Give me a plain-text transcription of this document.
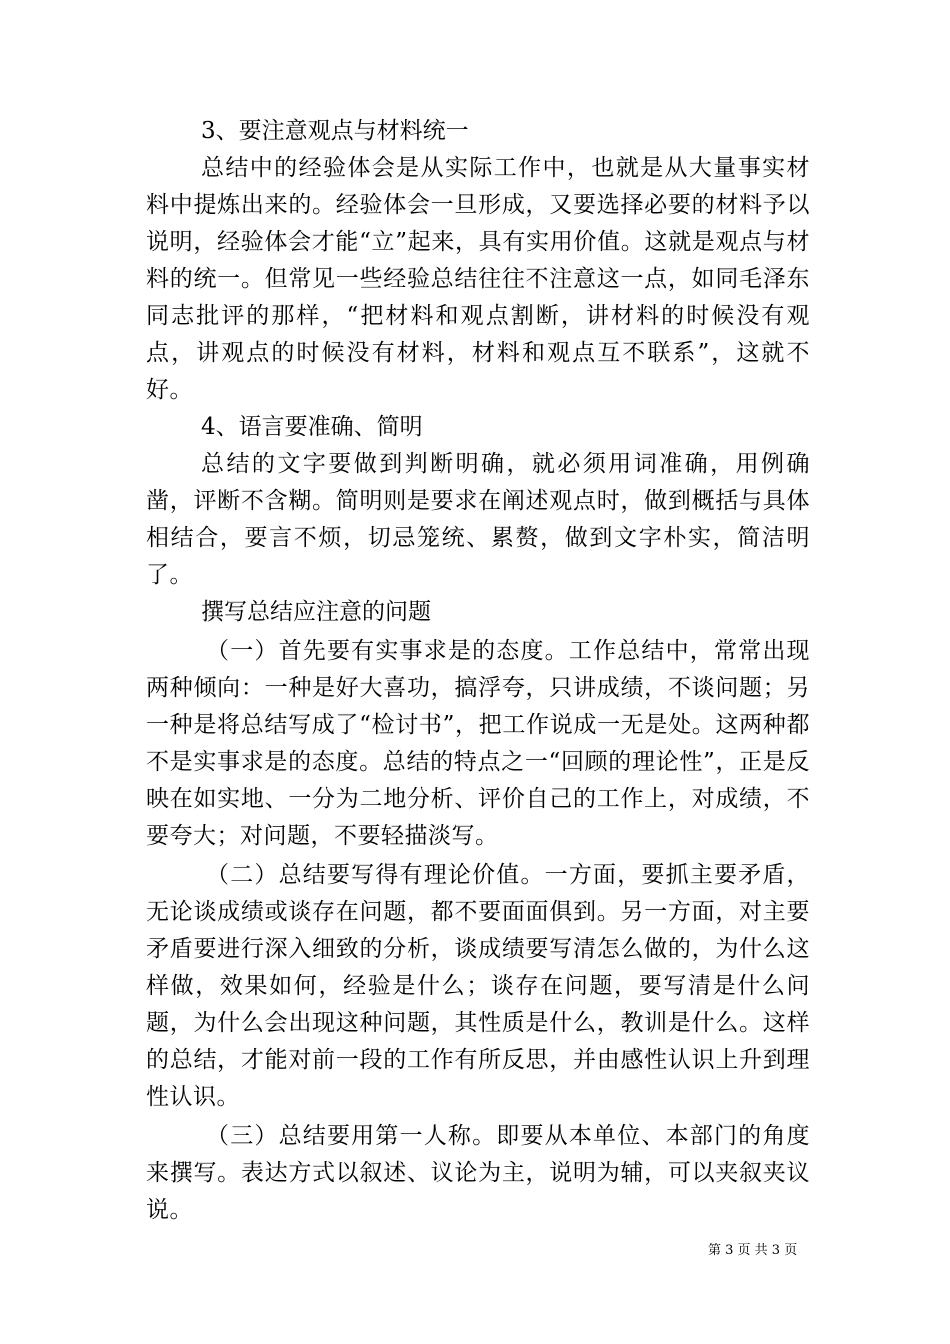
3、要注意观点与材料统一

总结中的经验体会是从实际工作中，也就是从大量事实材料中提炼出来的。经验体会一旦形成，又要选择必要的材料予以说明，经验体会才能“立”起来，具有实用价值。这就是观点与材料的统一。但常见一些经验总结往往不注意这一点，如同毛泽东同志批评的那样，“把材料和观点割断，讲材料的时候没有观点，讲观点的时候没有材料，材料和观点互不联系”，这就不好。

4、语言要准确、简明

总结的文字要做到判断明确，就必须用词准确，用例确凿，评断不含糊。简明则是要求在阐述观点时，做到概括与具体相结合，要言不烦，切忌笼统、累赘，做到文字朴实，简洁明了。

撰写总结应注意的问题

（一）首先要有实事求是的态度。工作总结中，常常出现两种倾向：一种是好大喜功，搞浮夸，只讲成绩，不谈问题；另一种是将总结写成了“检讨书”，把工作说成一无是处。这两种都不是实事求是的态度。总结的特点之一“回顾的理论性”，正是反映在如实地、一分为二地分析、评价自己的工作上，对成绩，不要夸大；对问题，不要轻描淡写。

（二）总结要写得有理论价值。一方面，要抓主要矛盾，无论谈成绩或谈存在问题，都不要面面俱到。另一方面，对主要矛盾要进行深入细致的分析，谈成绩要写清怎么做的，为什么这样做，效果如何，经验是什么；谈存在问题，要写清是什么问题，为什么会出现这种问题，其性质是什么，教训是什么。这样的总结，才能对前一段的工作有所反思，并由感性认识上升到理性认识。

（三）总结要用第一人称。即要从本单位、本部门的角度来撰写。表达方式以叙述、议论为主，说明为辅，可以夹叙夹议说。

第 3 页 共 3 页
